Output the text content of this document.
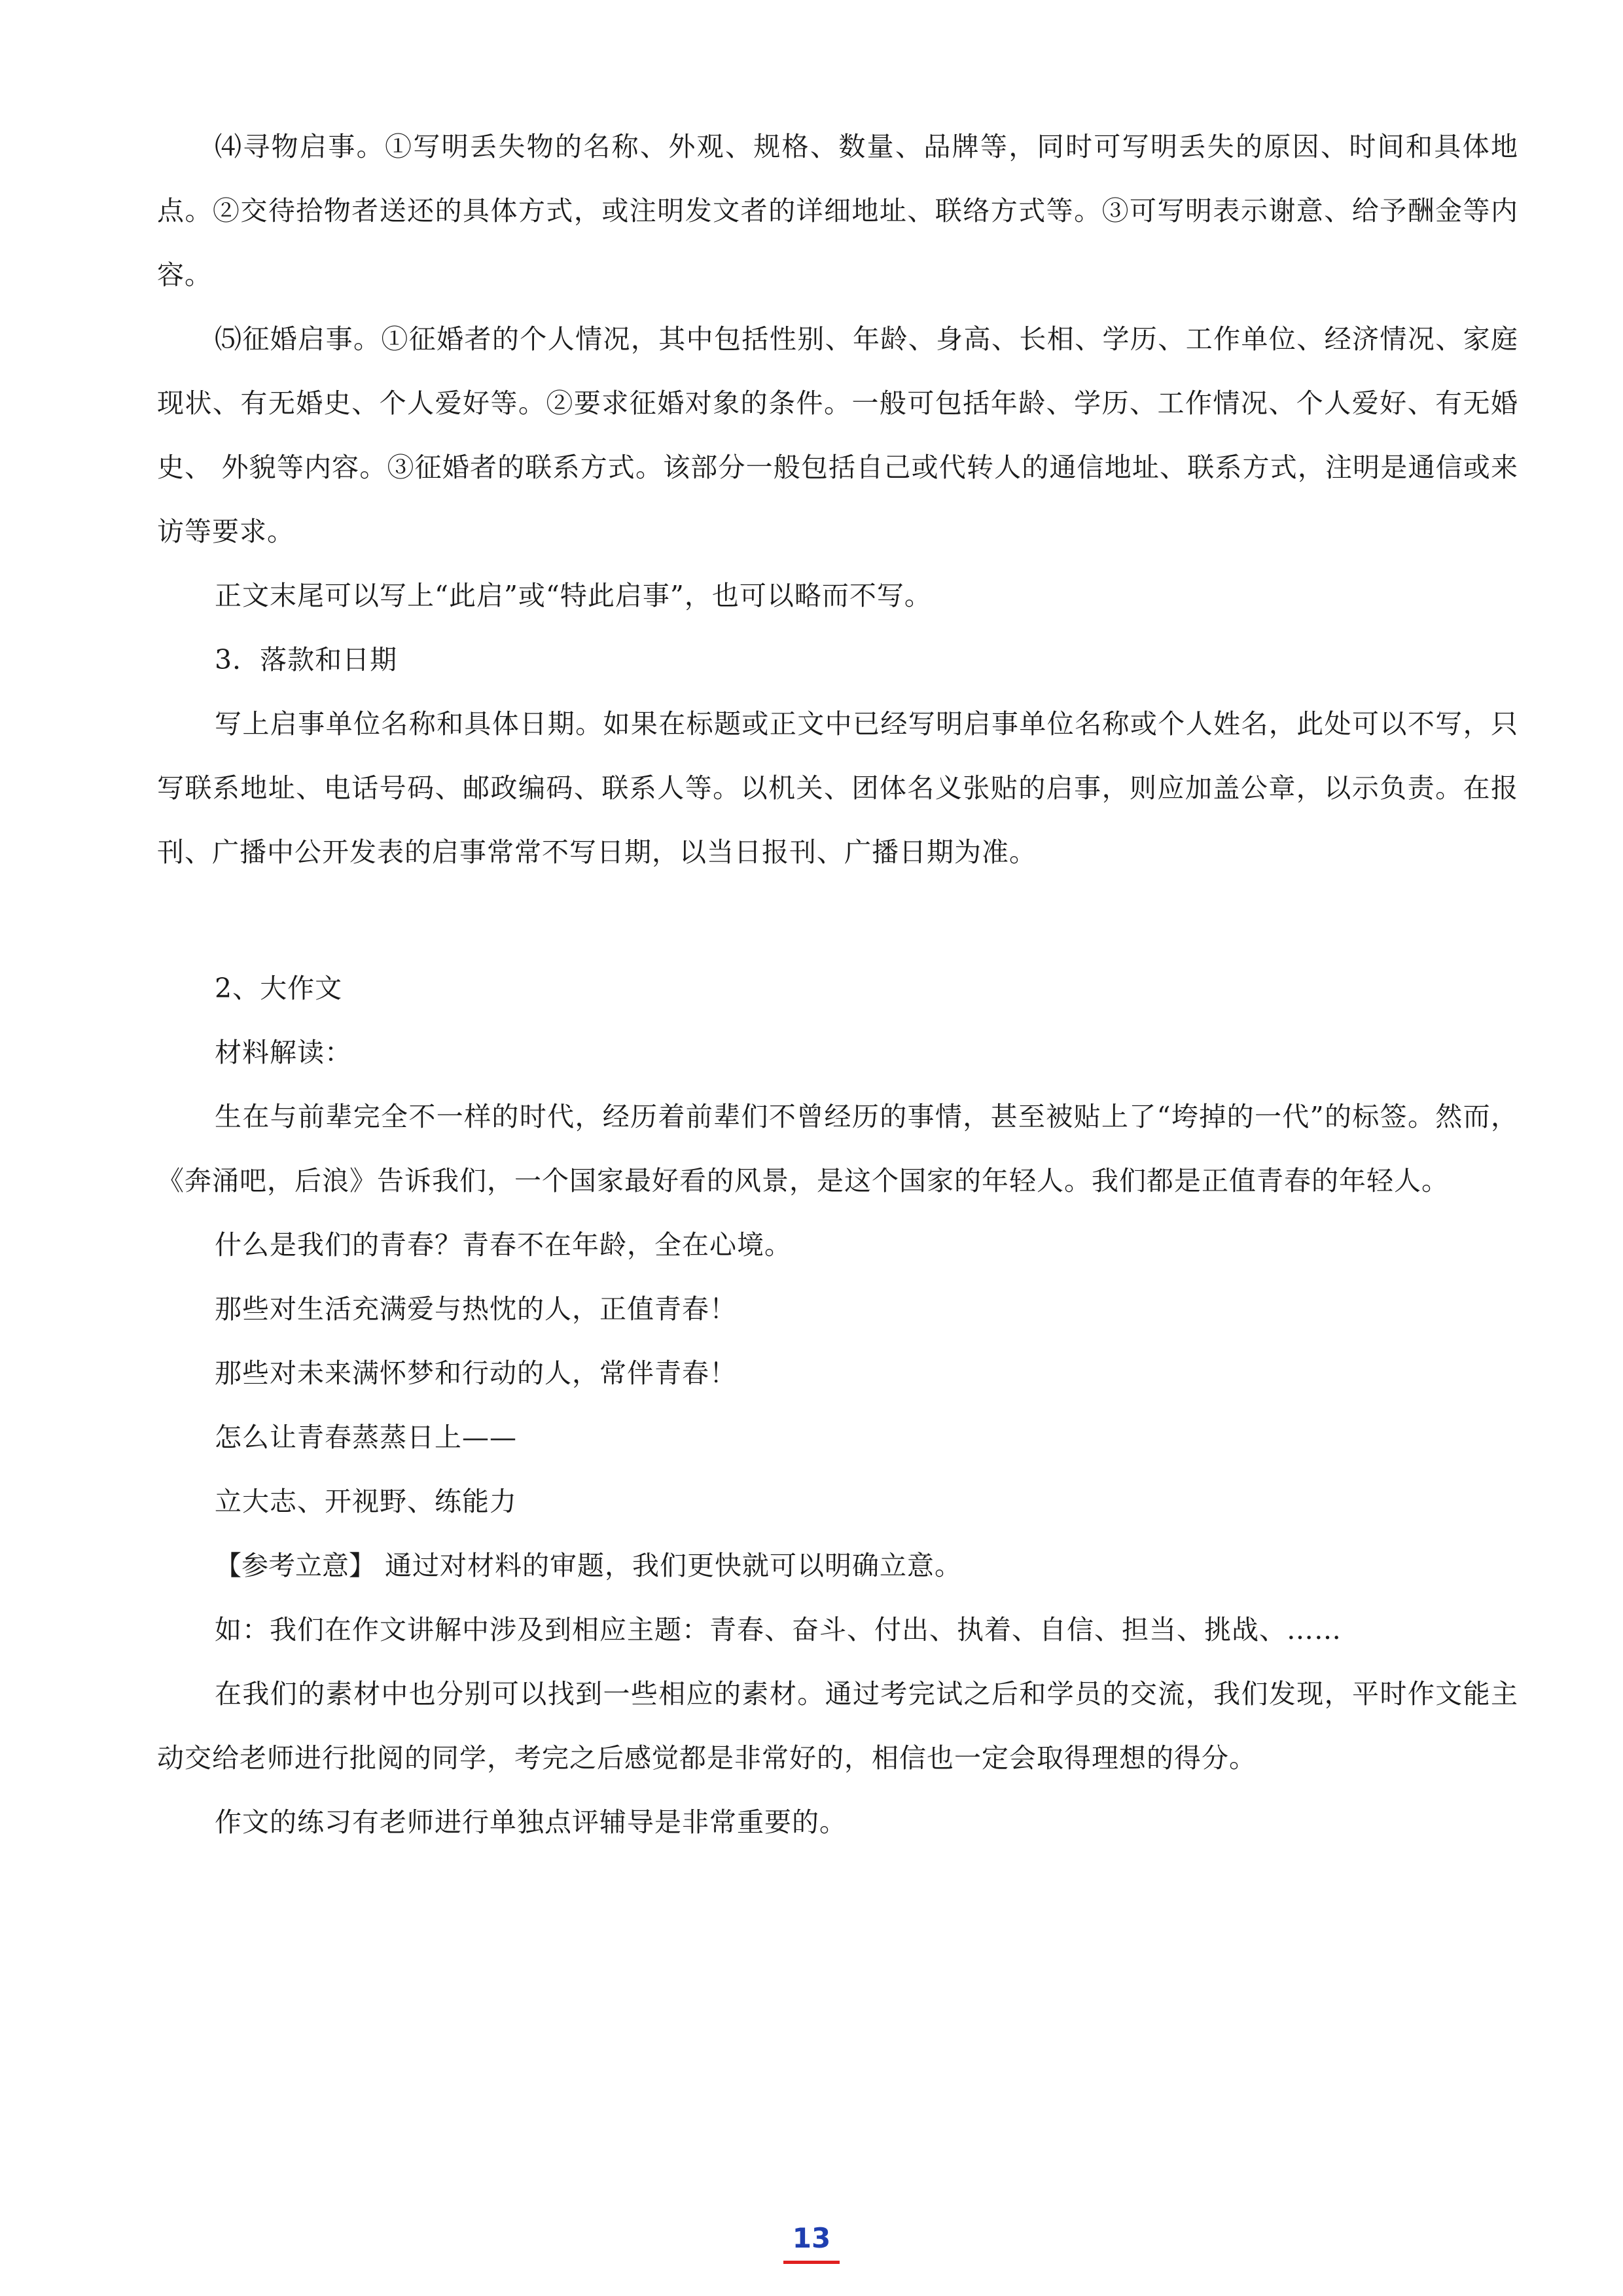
⑷寻物启事。①写明丢失物的名称、外观、规格、数量、品牌等，同时可写明丢失的原因、时间和具体地点。②交待拾物者送还的具体方式，或注明发文者的详细地址、联络方式等。③可写明表示谢意、给予酬金等内容。

⑸征婚启事。①征婚者的个人情况，其中包括性别、年龄、身高、长相、学历、工作单位、经济情况、家庭现状、有无婚史、个人爱好等。②要求征婚对象的条件。一般可包括年龄、学历、工作情况、个人爱好、有无婚史、 外貌等内容。③征婚者的联系方式。该部分一般包括自己或代转人的通信地址、联系方式，注明是通信或来访等要求。

正文末尾可以写上“此启”或“特此启事”，也可以略而不写。

3．落款和日期

写上启事单位名称和具体日期。如果在标题或正文中已经写明启事单位名称或个人姓名，此处可以不写，只写联系地址、电话号码、邮政编码、联系人等。以机关、团体名义张贴的启事，则应加盖公章，以示负责。在报刊、广播中公开发表的启事常常不写日期，以当日报刊、广播日期为准。

2、大作文

材料解读：

生在与前辈完全不一样的时代，经历着前辈们不曾经历的事情，甚至被贴上了“垮掉的一代”的标签。然而，《奔涌吧，后浪》告诉我们，一个国家最好看的风景，是这个国家的年轻人。我们都是正值青春的年轻人。

什么是我们的青春？青春不在年龄，全在心境。

那些对生活充满爱与热忱的人，正值青春！

那些对未来满怀梦和行动的人，常伴青春！

怎么让青春蒸蒸日上——

立大志、开视野、练能力

【参考立意】 通过对材料的审题，我们更快就可以明确立意。

如：我们在作文讲解中涉及到相应主题：青春、奋斗、付出、执着、自信、担当、挑战、……

在我们的素材中也分别可以找到一些相应的素材。通过考完试之后和学员的交流，我们发现，平时作文能主动交给老师进行批阅的同学，考完之后感觉都是非常好的，相信也一定会取得理想的得分。

作文的练习有老师进行单独点评辅导是非常重要的。

13
